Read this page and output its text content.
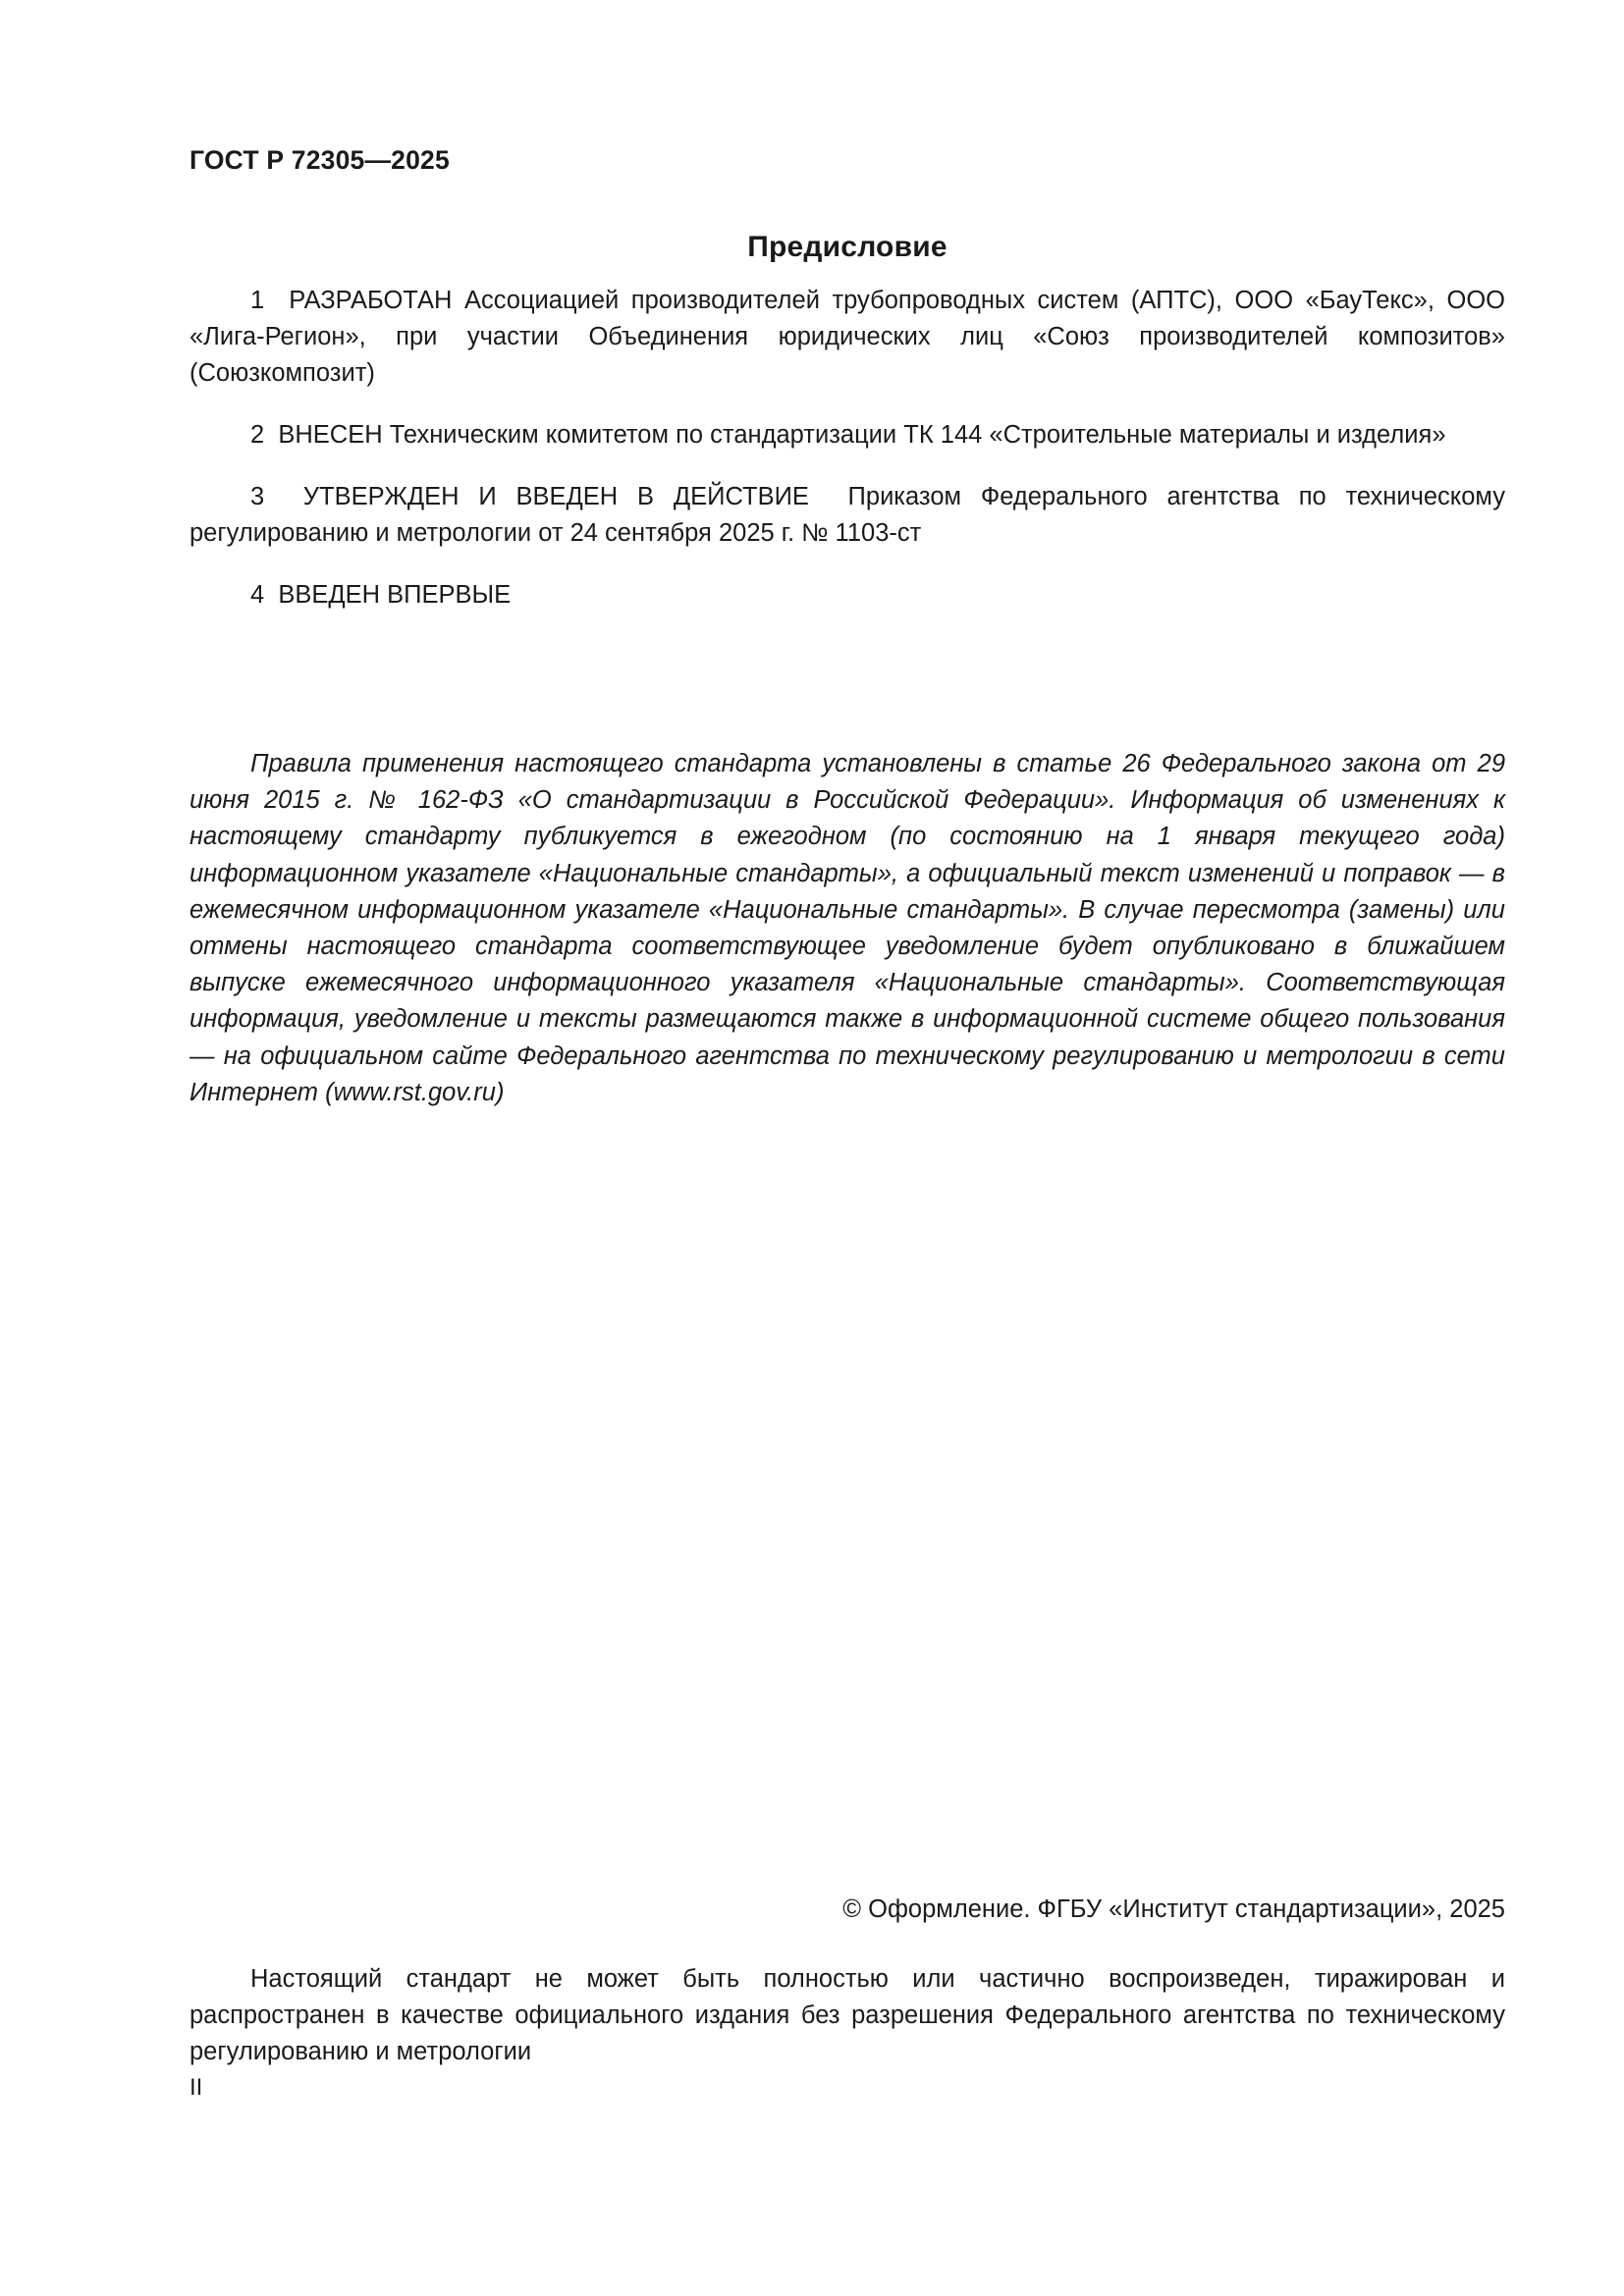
ГОСТ Р 72305—2025
Предисловие

1  РАЗРАБОТАН Ассоциацией производителей трубопроводных систем (АПТС), ООО «БауТекс», ООО «Лига-Регион», при участии Объединения юридических лиц «Союз производителей композитов» (Союзкомпозит)

2  ВНЕСЕН Техническим комитетом по стандартизации ТК 144 «Строительные материалы и изделия»

3  УТВЕРЖДЕН И ВВЕДЕН В ДЕЙСТВИЕ  Приказом Федерального агентства по техническому регулированию и метрологии от 24 сентября 2025 г. № 1103-ст

4  ВВЕДЕН ВПЕРВЫЕ

Правила применения настоящего стандарта установлены в статье 26 Федерального закона от 29 июня 2015 г. № 162-ФЗ «О стандартизации в Российской Федерации». Информация об изменениях к настоящему стандарту публикуется в ежегодном (по состоянию на 1 января текущего года) информационном указателе «Национальные стандарты», а официальный текст изменений и поправок — в ежемесячном информационном указателе «Национальные стандарты». В случае пересмотра (замены) или отмены настоящего стандарта соответствующее уведомление будет опубликовано в ближайшем выпуске ежемесячного информационного указателя «Национальные стандарты». Соответствующая информация, уведомление и тексты размещаются также в информационной системе общего пользования — на официальном сайте Федерального агентства по техническому регулированию и метрологии в сети Интернет (www.rst.gov.ru)
© Оформление. ФГБУ «Институт стандартизации», 2025
Настоящий стандарт не может быть полностью или частично воспроизведен, тиражирован и распространен в качестве официального издания без разрешения Федерального агентства по техническому регулированию и метрологии
II
